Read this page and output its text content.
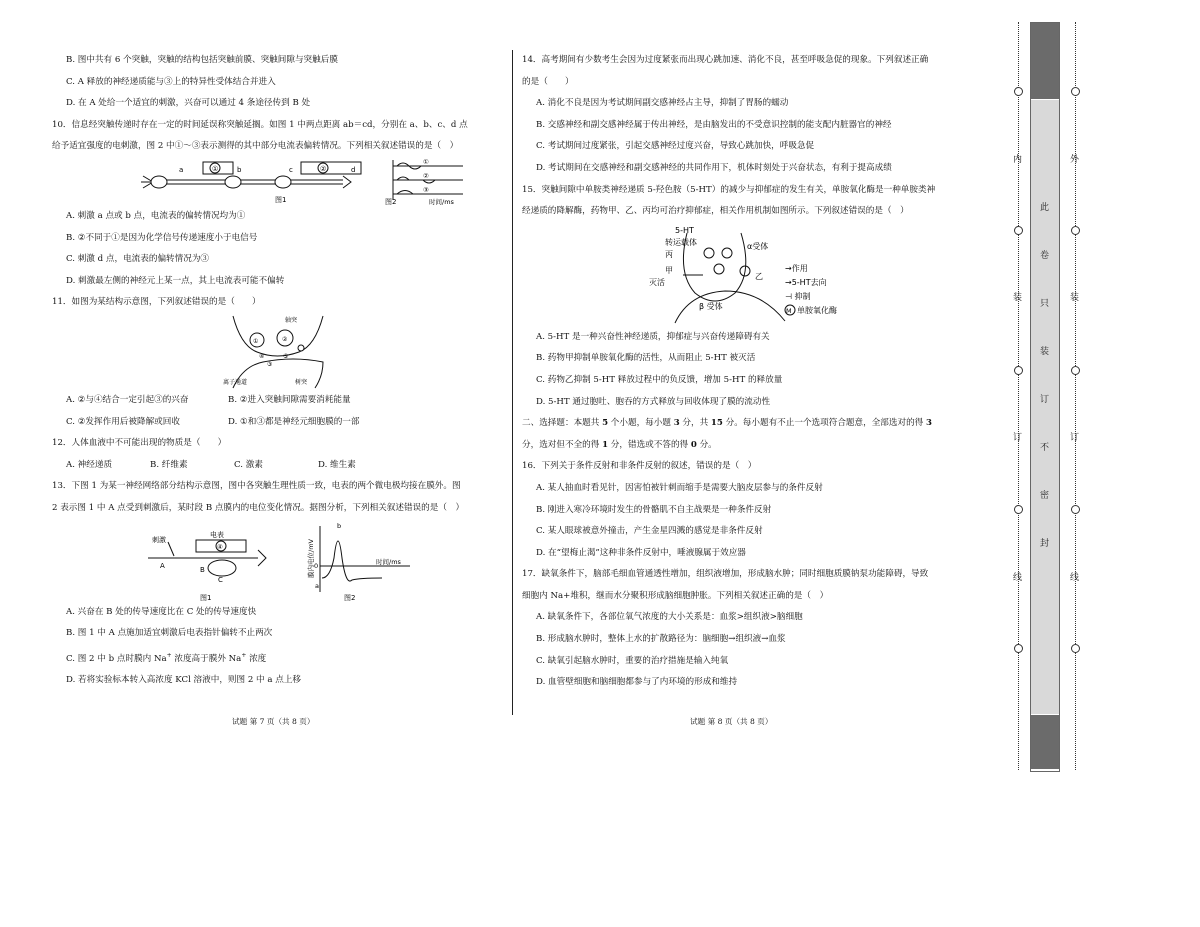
B. 图中共有 6 个突触，突触的结构包括突触前膜、突触间隙与突触后膜
C. A 释放的神经递质能与③上的特异性受体结合并进入
D. 在 A 处给一个适宜的刺激，兴奋可以通过 4 条途径传到 B 处
10．信息经突触传递时存在一定的时间延误称突触延搁。如图 1 中两点距离 ab＝cd，分别在 a、b、c、d 点
给予适宜强度的电刺激，图 2 中①～③表示测得的其中部分电流表偏转情况。下列相关叙述错误的是（　）
①	②
a	b	c	d
图1
①
②
③
时间/ms
图2
A. 刺激 a 点或 b 点，电流表的偏转情况均为①
B. ②不同于①是因为化学信号传递速度小于电信号
C. 刺激 d 点，电流表的偏转情况为③
D. 刺激最左侧的神经元上某一点，其上电流表可能不偏转
11．如图为某结构示意图，下列叙述错误的是（　　）
轴突
①	②
③
④	⑤
离子通道	树突
A. ②与④结合一定引起③的兴奋	B. ②进入突触间隙需要消耗能量
C. ②发挥作用后被降解或回收	D. ①和③都是神经元细胞膜的一部
12．人体血液中不可能出现的物质是（　　）
A. 神经递质	B. 纤维素	C. 激素	D. 维生素
13．下图 1 为某一神经网络部分结构示意图，图中各突触生理性质一致，电表的两个微电极均接在膜外。图
2 表示图 1 中 A 点受到刺激后，某时段 B 点膜内的电位变化情况。据图分析，下列相关叙述错误的是（　）
④
电表
刺激
A	B
C
图1
膜内电位/mV	时间/ms
b
a
0
图2
A. 兴奋在 B 处的传导速度比在 C 处的传导速度快
B. 图 1 中 A 点施加适宜刺激后电表指针偏转不止两次
C. 图 2 中 b 点时膜内 Na+ 浓度高于膜外 Na+ 浓度
D. 若将实验标本转入高浓度 KCl 溶液中，则图 2 中 a 点上移
试题 第 7 页（共 8 页）
14．高考期间有少数考生会因为过度紧张而出现心跳加速、消化不良，甚至呼吸急促的现象。下列叙述正确
的是（　　）
A. 消化不良是因为考试期间副交感神经占主导，抑制了胃肠的蠕动
B. 交感神经和副交感神经属于传出神经，是由脑发出的不受意识控制的能支配内脏器官的神经
C. 考试期间过度紧张，引起交感神经过度兴奋，导致心跳加快，呼吸急促
D. 考试期间在交感神经和副交感神经的共同作用下，机体时刻处于兴奋状态，有利于提高成绩
15．突触间隙中单胺类神经递质 5-羟色胺（5-HT）的减少与抑郁症的发生有关，单胺氧化酶是一种单胺类神
经递质的降解酶，药物甲、乙、丙均可治疗抑郁症，相关作用机制如图所示。下列叙述错误的是（　）
5-HT
转运载体
丙
甲
灭活
α受体
乙
β 受体
→作用
→5-HT去向
⊣ 抑制
M 单胺氧化酶
A. 5-HT 是一种兴奋性神经递质，抑郁症与兴奋传递障碍有关
B. 药物甲抑制单胺氧化酶的活性，从而阻止 5-HT 被灭活
C. 药物乙抑制 5-HT 释放过程中的负反馈，增加 5-HT 的释放量
D. 5-HT 通过胞吐、胞吞的方式释放与回收体现了膜的流动性
二、选择题：本题共 5 个小题，每小题 3 分，共 15 分。每小题有不止一个选项符合题意，全部选对的得 3
分，选对但不全的得 1 分，错选或不答的得 0 分。
16．下列关于条件反射和非条件反射的叙述，错误的是（　）
A. 某人抽血时看见针，因害怕被针刺而缩手是需要大脑皮层参与的条件反射
B. 刚进入寒冷环境时发生的骨骼肌不自主战栗是一种条件反射
C. 某人眼球被意外撞击，产生金星四溅的感觉是非条件反射
D. 在“望梅止渴”这种非条件反射中，唾液腺属于效应器
17．缺氧条件下，脑部毛细血管通透性增加，组织液增加，形成脑水肿；同时细胞质膜钠泵功能障碍，导致
细胞内 Na+堆积，继而水分聚积形成脑细胞肿胀。下列相关叙述正确的是（　）
A. 缺氧条件下，各部位氧气浓度的大小关系是：血浆>组织液>脑细胞
B. 形成脑水肿时，整体上水的扩散路径为：脑细胞→组织液→血浆
C. 缺氧引起脑水肿时，重要的治疗措施是输入纯氧
D. 血管壁细胞和脑细胞都参与了内环境的形成和维持
试题 第 8 页（共 8 页）
内	外
装
订
线
装
订
线
此
卷
只
装
订
不
密
封
